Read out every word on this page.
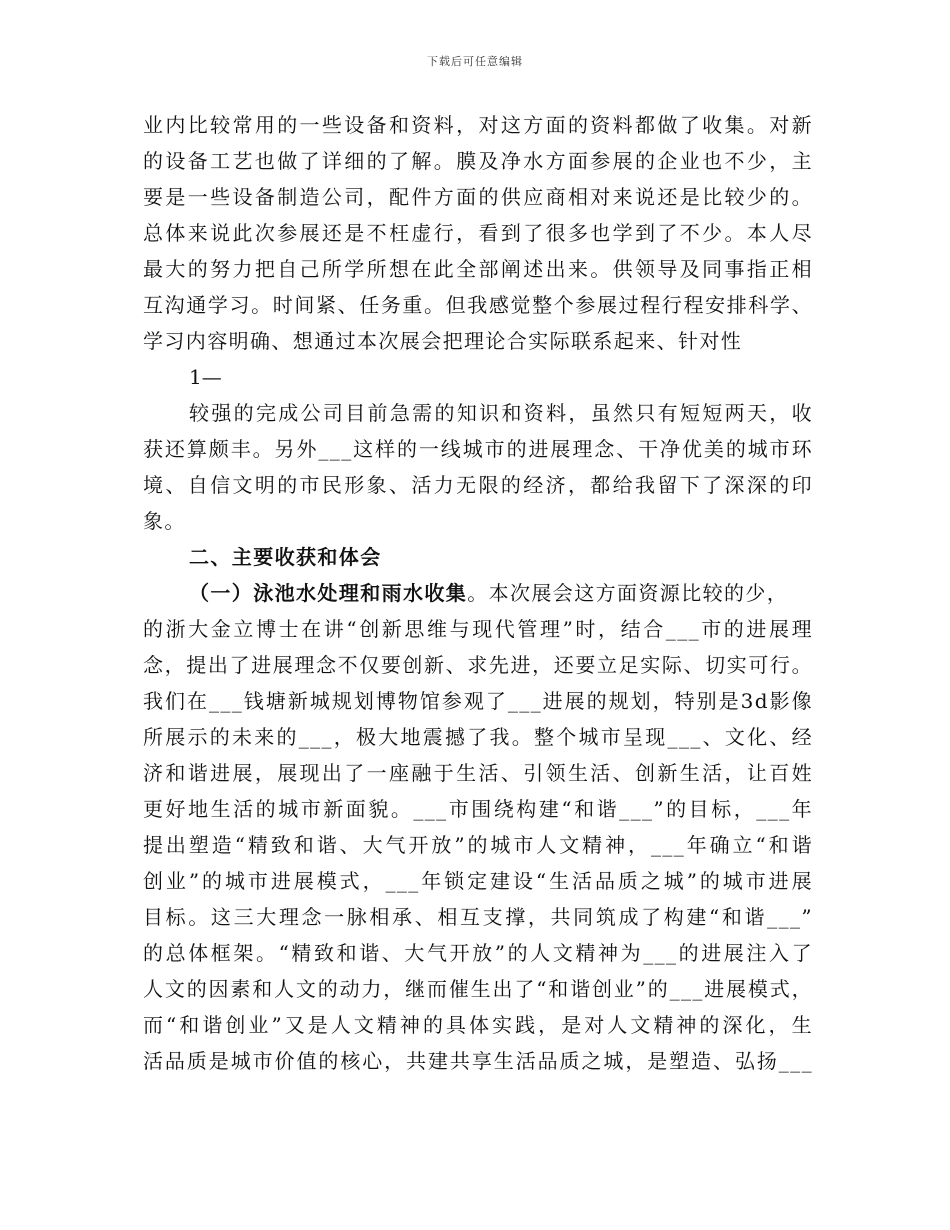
下载后可任意编辑
业内比较常用的一些设备和资料，对这方面的资料都做了收集。对新
的设备工艺也做了详细的了解。膜及净水方面参展的企业也不少，主
要是一些设备制造公司，配件方面的供应商相对来说还是比较少的。
总体来说此次参展还是不枉虚行，看到了很多也学到了不少。本人尽
最大的努力把自己所学所想在此全部阐述出来。供领导及同事指正相
互沟通学习。时间紧、任务重。但我感觉整个参展过程行程安排科学、
学习内容明确、想通过本次展会把理论合实际联系起来、针对性
1—
较强的完成公司目前急需的知识和资料，虽然只有短短两天，收
获还算颇丰。另外___这样的一线城市的进展理念、干净优美的城市环
境、自信文明的市民形象、活力无限的经济，都给我留下了深深的印
象。
二、主要收获和体会
（一）泳池水处理和雨水收集。本次展会这方面资源比较的少，
的浙大金立博士在讲“创新思维与现代管理”时，结合___市的进展理
念，提出了进展理念不仅要创新、求先进，还要立足实际、切实可行。
我们在___钱塘新城规划博物馆参观了___进展的规划，特别是3d影像
所展示的未来的___，极大地震撼了我。整个城市呈现___、文化、经
济和谐进展，展现出了一座融于生活、引领生活、创新生活，让百姓
更好地生活的城市新面貌。___市围绕构建“和谐___”的目标，___年
提出塑造“精致和谐、大气开放”的城市人文精神，___年确立“和谐
创业”的城市进展模式，___年锁定建设“生活品质之城”的城市进展
目标。这三大理念一脉相承、相互支撑，共同筑成了构建“和谐___”
的总体框架。“精致和谐、大气开放”的人文精神为___的进展注入了
人文的因素和人文的动力，继而催生出了“和谐创业”的___进展模式，
而“和谐创业”又是人文精神的具体实践，是对人文精神的深化，生
活品质是城市价值的核心，共建共享生活品质之城，是塑造、弘扬___
